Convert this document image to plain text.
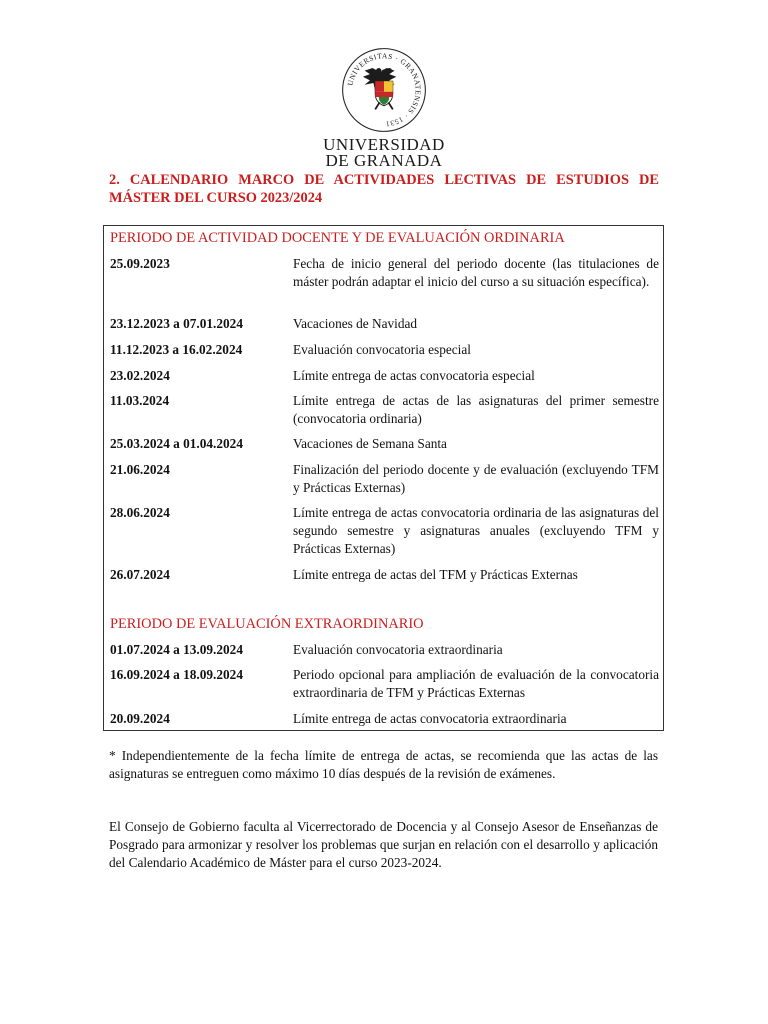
UNIVERSITAS · GRANATENSIS · 1531
UNIVERSIDAD
DE GRANADA

2. CALENDARIO MARCO DE ACTIVIDADES LECTIVAS DE ESTUDIOS DE MÁSTER DEL CURSO 2023/2024

PERIODO DE ACTIVIDAD DOCENTE Y DE EVALUACIÓN ORDINARIA
25.09.2023	Fecha de inicio general del periodo docente (las titulaciones de máster podrán adaptar el inicio del curso a su situación específica).
23.12.2023 a 07.01.2024	Vacaciones de Navidad
11.12.2023 a 16.02.2024	Evaluación convocatoria especial
23.02.2024	Límite entrega de actas convocatoria especial
11.03.2024	Límite entrega de actas de las asignaturas del primer semestre (convocatoria ordinaria)
25.03.2024 a 01.04.2024	Vacaciones de Semana Santa
21.06.2024	Finalización del periodo docente y de evaluación (excluyendo TFM y Prácticas Externas)
28.06.2024	Límite entrega de actas convocatoria ordinaria de las asignaturas del segundo semestre y asignaturas anuales (excluyendo TFM y Prácticas Externas)
26.07.2024	Límite entrega de actas del TFM y Prácticas Externas
PERIODO DE EVALUACIÓN EXTRAORDINARIO
01.07.2024 a 13.09.2024	Evaluación convocatoria extraordinaria
16.09.2024 a 18.09.2024	Periodo opcional para ampliación de evaluación de la convocatoria extraordinaria de TFM y Prácticas Externas
20.09.2024	Límite entrega de actas convocatoria extraordinaria

* Independientemente de la fecha límite de entrega de actas, se recomienda que las actas de las asignaturas se entreguen como máximo 10 días después de la revisión de exámenes.

El Consejo de Gobierno faculta al Vicerrectorado de Docencia y al Consejo Asesor de Enseñanzas de Posgrado para armonizar y resolver los problemas que surjan en relación con el desarrollo y aplicación del Calendario Académico de Máster para el curso 2023-2024.
